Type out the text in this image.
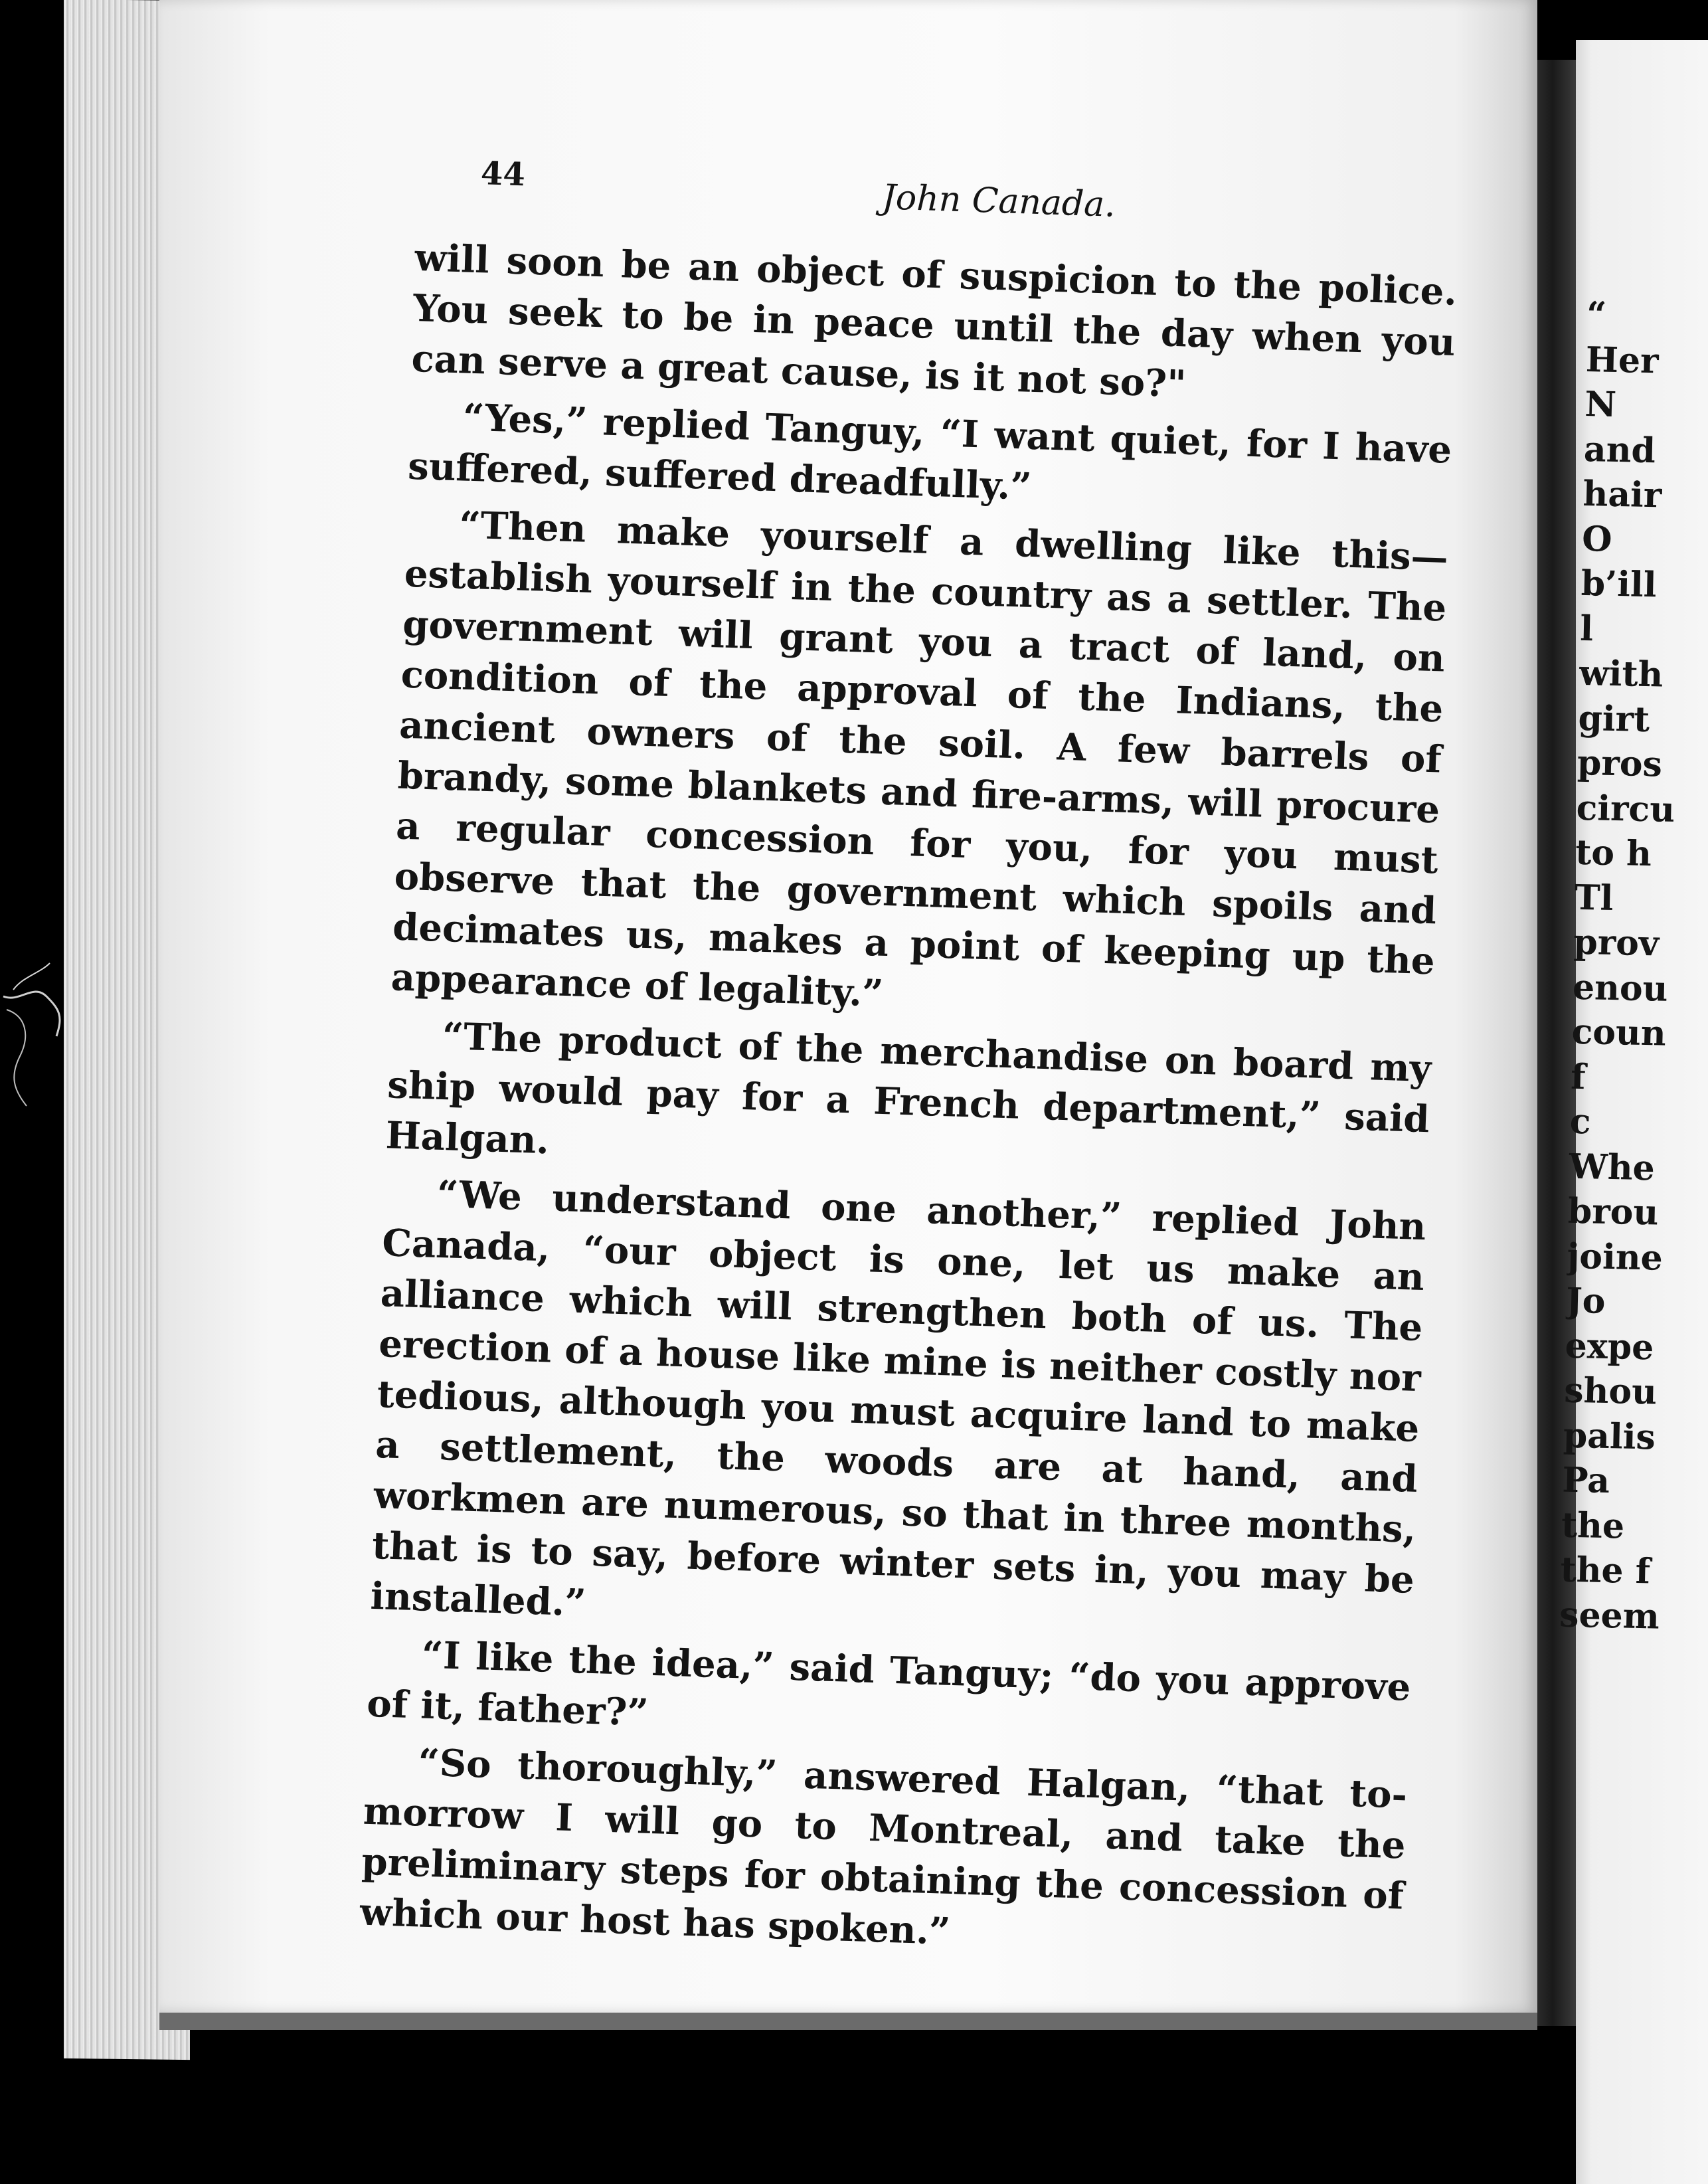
44
John Canada.

will soon be an object of suspicion to the police. You seek to be in peace until the day when you can serve a great cause, is it not so?"

“Yes,” replied Tanguy, “I want quiet, for I have suffered, suffered dreadfully.”

“Then make yourself a dwelling like this—establish yourself in the country as a settler. The government will grant you a tract of land, on condition of the approval of the Indians, the ancient owners of the soil. A few barrels of brandy, some blankets and fire-arms, will procure a regular concession for you, for you must observe that the government which spoils and decimates us, makes a point of keeping up the appearance of legality.”

“The product of the merchandise on board my ship would pay for a French department,” said Halgan.

“We understand one another,” replied John Canada, “our object is one, let us make an alliance which will strengthen both of us. The erection of a house like mine is neither costly nor tedious, although you must acquire land to make a settlement, the woods are at hand, and workmen are numerous, so that in three months, that is to say, before winter sets in, you may be installed.”

“I like the idea,” said Tanguy; “do you approve of it, father?”

“So thoroughly,” answered Halgan, “that to-morrow I will go to Montreal, and take the preliminary steps for obtaining the concession of which our host has spoken.”

“
Her
N
and
hair
O
b’ill
l
with
girt
pros
circu
to h
Tl
prov
enou
coun
f
c
Whe
brou
joine
Jo
expe
shou
palis
Pa
the
the f
seem
